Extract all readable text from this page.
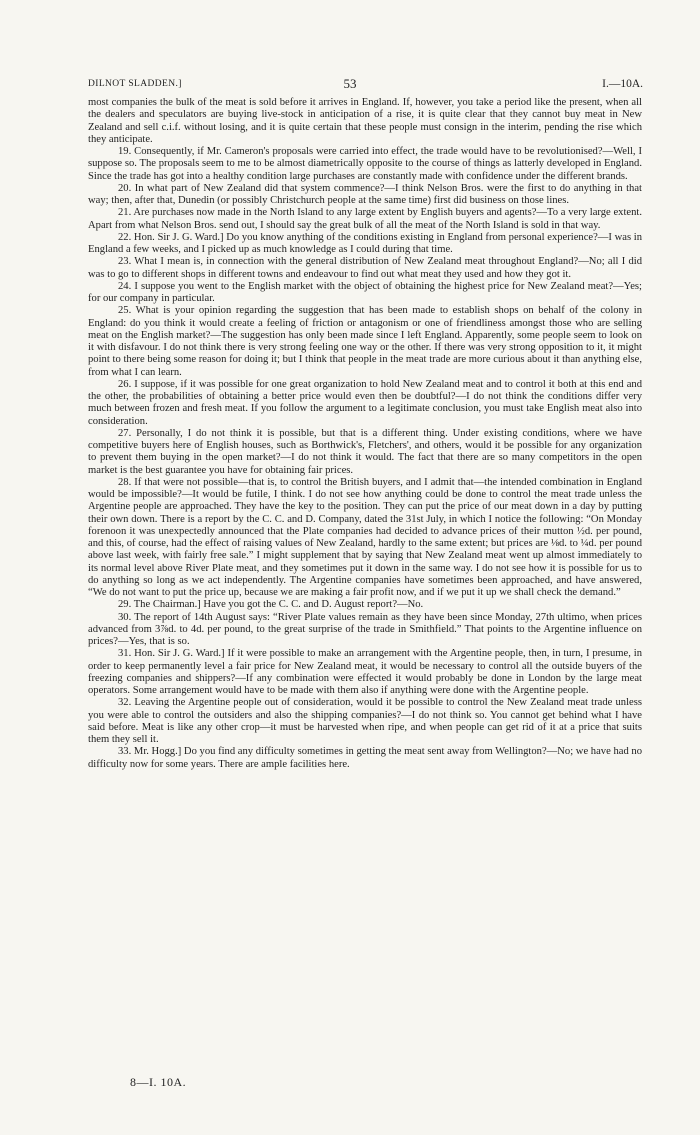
DILNOT SLADDEN.]	53	I.—10A.

most companies the bulk of the meat is sold before it arrives in England. If, however, you take a period like the present, when all the dealers and speculators are buying live-stock in anticipation of a rise, it is quite clear that they cannot buy meat in New Zealand and sell c.i.f. without losing, and it is quite certain that these people must consign in the interim, pending the rise which they anticipate.

19. Consequently, if Mr. Cameron's proposals were carried into effect, the trade would have to be revolutionised?—Well, I suppose so. The proposals seem to me to be almost diametrically opposite to the course of things as latterly developed in England. Since the trade has got into a healthy condition large purchases are constantly made with confidence under the different brands.

20. In what part of New Zealand did that system commence?—I think Nelson Bros. were the first to do anything in that way; then, after that, Dunedin (or possibly Christchurch people at the same time) first did business on those lines.

21. Are purchases now made in the North Island to any large extent by English buyers and agents?—To a very large extent. Apart from what Nelson Bros. send out, I should say the great bulk of all the meat of the North Island is sold in that way.

22. Hon. Sir J. G. Ward.] Do you know anything of the conditions existing in England from personal experience?—I was in England a few weeks, and I picked up as much knowledge as I could during that time.

23. What I mean is, in connection with the general distribution of New Zealand meat throughout England?—No; all I did was to go to different shops in different towns and endeavour to find out what meat they used and how they got it.

24. I suppose you went to the English market with the object of obtaining the highest price for New Zealand meat?—Yes; for our company in particular.

25. What is your opinion regarding the suggestion that has been made to establish shops on behalf of the colony in England: do you think it would create a feeling of friction or antagonism or one of friendliness amongst those who are selling meat on the English market?—The suggestion has only been made since I left England. Apparently, some people seem to look on it with disfavour. I do not think there is very strong feeling one way or the other. If there was very strong opposition to it, it might point to there being some reason for doing it; but I think that people in the meat trade are more curious about it than anything else, from what I can learn.

26. I suppose, if it was possible for one great organization to hold New Zealand meat and to control it both at this end and the other, the probabilities of obtaining a better price would even then be doubtful?—I do not think the conditions differ very much between frozen and fresh meat. If you follow the argument to a legitimate conclusion, you must take English meat also into consideration.

27. Personally, I do not think it is possible, but that is a different thing. Under existing conditions, where we have competitive buyers here of English houses, such as Borthwick's, Fletchers', and others, would it be possible for any organization to prevent them buying in the open market?—I do not think it would. The fact that there are so many competitors in the open market is the best guarantee you have for obtaining fair prices.

28. If that were not possible—that is, to control the British buyers, and I admit that—the intended combination in England would be impossible?—It would be futile, I think. I do not see how anything could be done to control the meat trade unless the Argentine people are approached. They have the key to the position. They can put the price of our meat down in a day by putting their own down. There is a report by the C. C. and D. Company, dated the 31st July, in which I notice the following: “On Monday forenoon it was unexpectedly announced that the Plate companies had decided to advance prices of their mutton ½d. per pound, and this, of course, had the effect of raising values of New Zealand, hardly to the same extent; but prices are ⅛d. to ¼d. per pound above last week, with fairly free sale.” I might supplement that by saying that New Zealand meat went up almost immediately to its normal level above River Plate meat, and they sometimes put it down in the same way. I do not see how it is possible for us to do anything so long as we act independently. The Argentine companies have sometimes been approached, and have answered, “We do not want to put the price up, because we are making a fair profit now, and if we put it up we shall check the demand.”

29. The Chairman.] Have you got the C. C. and D. August report?—No.

30. The report of 14th August says: “River Plate values remain as they have been since Monday, 27th ultimo, when prices advanced from 3⅞d. to 4d. per pound, to the great surprise of the trade in Smithfield.” That points to the Argentine influence on prices?—Yes, that is so.

31. Hon. Sir J. G. Ward.] If it were possible to make an arrangement with the Argentine people, then, in turn, I presume, in order to keep permanently level a fair price for New Zealand meat, it would be necessary to control all the outside buyers of the freezing companies and shippers?—If any combination were effected it would probably be done in London by the large meat operators. Some arrangement would have to be made with them also if anything were done with the Argentine people.

32. Leaving the Argentine people out of consideration, would it be possible to control the New Zealand meat trade unless you were able to control the outsiders and also the shipping companies?—I do not think so. You cannot get behind what I have said before. Meat is like any other crop—it must be harvested when ripe, and when people can get rid of it at a price that suits them they sell it.

33. Mr. Hogg.] Do you find any difficulty sometimes in getting the meat sent away from Wellington?—No; we have had no difficulty now for some years. There are ample facilities here.

8—I. 10A.
